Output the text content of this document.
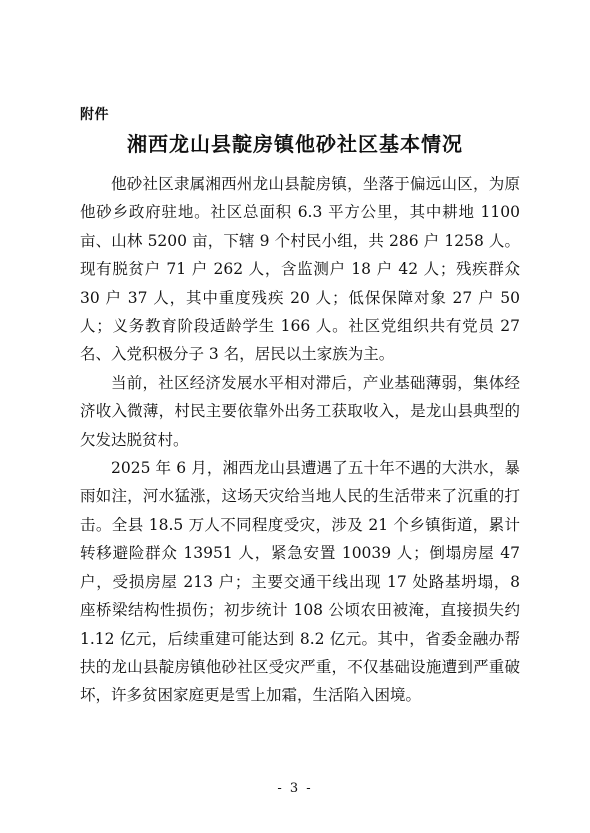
附件
湘西龙山县靛房镇他砂社区基本情况

他砂社区隶属湘西州龙山县靛房镇，坐落于偏远山区，为原他砂乡政府驻地。社区总面积 6.3 平方公里，其中耕地 1100 亩、山林 5200 亩，下辖 9 个村民小组，共 286 户 1258 人。现有脱贫户 71 户 262 人，含监测户 18 户 42 人；残疾群众 30 户 37 人，其中重度残疾 20 人；低保保障对象 27 户 50 人；义务教育阶段适龄学生 166 人。社区党组织共有党员 27 名、入党积极分子 3 名，居民以土家族为主。

当前，社区经济发展水平相对滞后，产业基础薄弱，集体经济收入微薄，村民主要依靠外出务工获取收入，是龙山县典型的欠发达脱贫村。

2025 年 6 月，湘西龙山县遭遇了五十年不遇的大洪水，暴雨如注，河水猛涨，这场天灾给当地人民的生活带来了沉重的打击。全县 18.5 万人不同程度受灾，涉及 21 个乡镇街道，累计转移避险群众 13951 人，紧急安置 10039 人；倒塌房屋 47 户，受损房屋 213 户；主要交通干线出现 17 处路基坍塌，8 座桥梁结构性损伤；初步统计 108 公顷农田被淹，直接损失约 1.12 亿元，后续重建可能达到 8.2 亿元。其中，省委金融办帮扶的龙山县靛房镇他砂社区受灾严重，不仅基础设施遭到严重破坏，许多贫困家庭更是雪上加霜，生活陷入困境。

- 3 -
